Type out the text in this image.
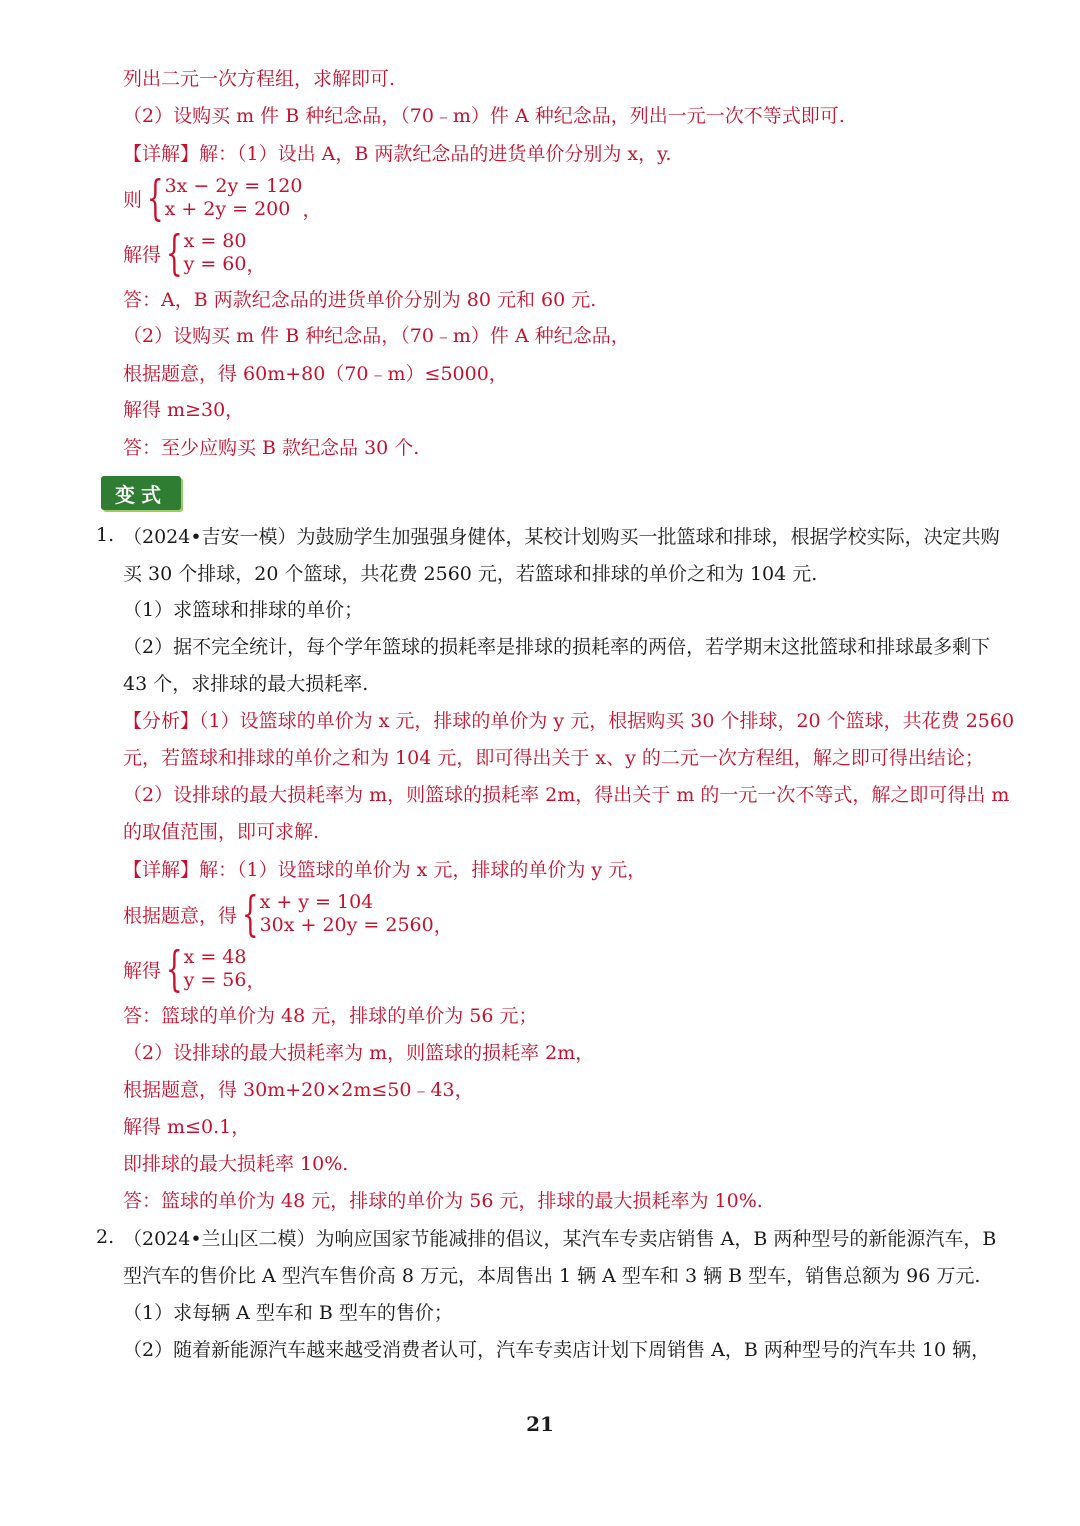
列出二元一次方程组，求解即可.
（2）设购买 m 件 B 种纪念品，（70﹣m）件 A 种纪念品，列出一元一次不等式即可.
【详解】解：（1）设出 A，B 两款纪念品的进货单价分别为 x，y.
则 { 3x − 2y = 120
x + 2y = 200 ，
解得 { x = 80
y = 60 ，
答：A，B 两款纪念品的进货单价分别为 80 元和 60 元.
（2）设购买 m 件 B 种纪念品，（70﹣m）件 A 种纪念品，
根据题意，得 60m+80（70﹣m）≤5000，
解得 m≥30，
答：至少应购买 B 款纪念品 30 个.
变式
1. （2024•吉安一模）为鼓励学生加强强身健体，某校计划购买一批篮球和排球，根据学校实际，决定共购
买 30 个排球，20 个篮球，共花费 2560 元，若篮球和排球的单价之和为 104 元.
（1）求篮球和排球的单价；
（2）据不完全统计，每个学年篮球的损耗率是排球的损耗率的两倍，若学期末这批篮球和排球最多剩下
43 个，求排球的最大损耗率.
【分析】（1）设篮球的单价为 x 元，排球的单价为 y 元，根据购买 30 个排球，20 个篮球，共花费 2560
元，若篮球和排球的单价之和为 104 元，即可得出关于 x、y 的二元一次方程组，解之即可得出结论；
（2）设排球的最大损耗率为 m，则篮球的损耗率 2m，得出关于 m 的一元一次不等式，解之即可得出 m
的取值范围，即可求解.
【详解】解：（1）设篮球的单价为 x 元，排球的单价为 y 元，
根据题意，得 { x + y = 104
30x + 20y = 2560 ，
解得 { x = 48
y = 56 ，
答：篮球的单价为 48 元，排球的单价为 56 元；
（2）设排球的最大损耗率为 m，则篮球的损耗率 2m，
根据题意，得 30m+20×2m≤50﹣43，
解得 m≤0.1，
即排球的最大损耗率 10%.
答：篮球的单价为 48 元，排球的单价为 56 元，排球的最大损耗率为 10%.
2. （2024•兰山区二模）为响应国家节能减排的倡议，某汽车专卖店销售 A，B 两种型号的新能源汽车，B
型汽车的售价比 A 型汽车售价高 8 万元，本周售出 1 辆 A 型车和 3 辆 B 型车，销售总额为 96 万元.
（1）求每辆 A 型车和 B 型车的售价；
（2）随着新能源汽车越来越受消费者认可，汽车专卖店计划下周销售 A，B 两种型号的汽车共 10 辆，
21
